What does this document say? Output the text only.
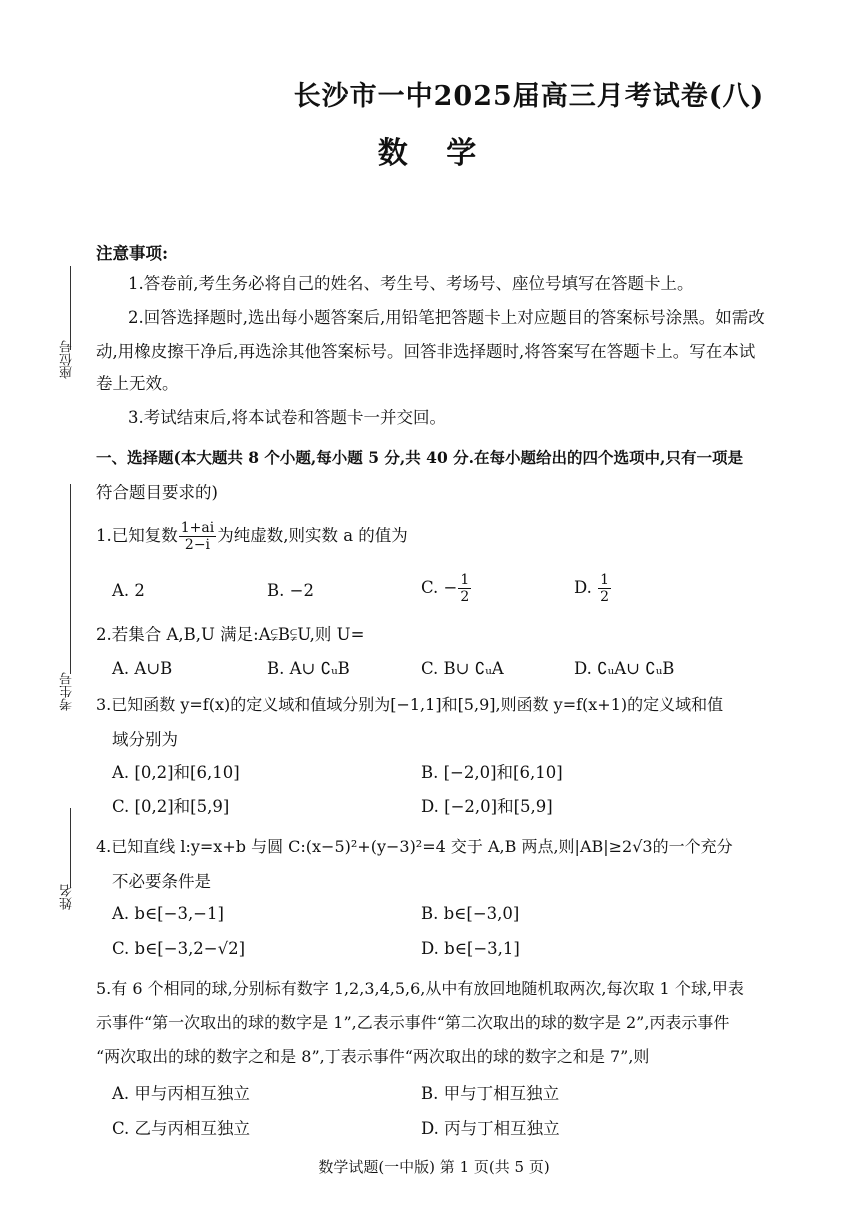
座位号
考生号
姓名
长沙市一中2025届高三月考试卷(八)
数 学
注意事项:
1.答卷前,考生务必将自己的姓名、考生号、考场号、座位号填写在答题卡上。
2.回答选择题时,选出每小题答案后,用铅笔把答题卡上对应题目的答案标号涂黑。如需改
动,用橡皮擦干净后,再选涂其他答案标号。回答非选择题时,将答案写在答题卡上。写在本试
卷上无效。
3.考试结束后,将本试卷和答题卡一并交回。
一、选择题(本大题共 8 个小题,每小题 5 分,共 40 分.在每小题给出的四个选项中,只有一项是
符合题目要求的)
1.已知复数 $\frac{1+ai}{2-i}$ 为纯虚数,则实数 a 的值为
A. 2	B. −2	C. − $\frac{1}{2}$	D. $\frac{1}{2}$
2.若集合 A,B,U 满足:A⫋B⫋U,则 U=
A. A∪B	B. A∪ ∁ᵤB	C. B∪ ∁ᵤA	D. ∁ᵤA∪ ∁ᵤB
3.已知函数 y=f(x)的定义域和值域分别为[−1,1]和[5,9],则函数 y=f(x+1)的定义域和值
域分别为
A. [0,2]和[6,10]	B. [−2,0]和[6,10]
C. [0,2]和[5,9]	D. [−2,0]和[5,9]
4.已知直线 l:y=x+b 与圆 C:(x−5)²+(y−3)²=4 交于 A,B 两点,则|AB|≥2√3的一个充分
不必要条件是
A. b∈[−3,−1]	B. b∈[−3,0]
C. b∈[−3,2−√2]	D. b∈[−3,1]
5.有 6 个相同的球,分别标有数字 1,2,3,4,5,6,从中有放回地随机取两次,每次取 1 个球,甲表
示事件“第一次取出的球的数字是 1”,乙表示事件“第二次取出的球的数字是 2”,丙表示事件
“两次取出的球的数字之和是 8”,丁表示事件“两次取出的球的数字之和是 7”,则
A. 甲与丙相互独立	B. 甲与丁相互独立
C. 乙与丙相互独立	D. 丙与丁相互独立
数学试题(一中版) 第 1 页(共 5 页)
